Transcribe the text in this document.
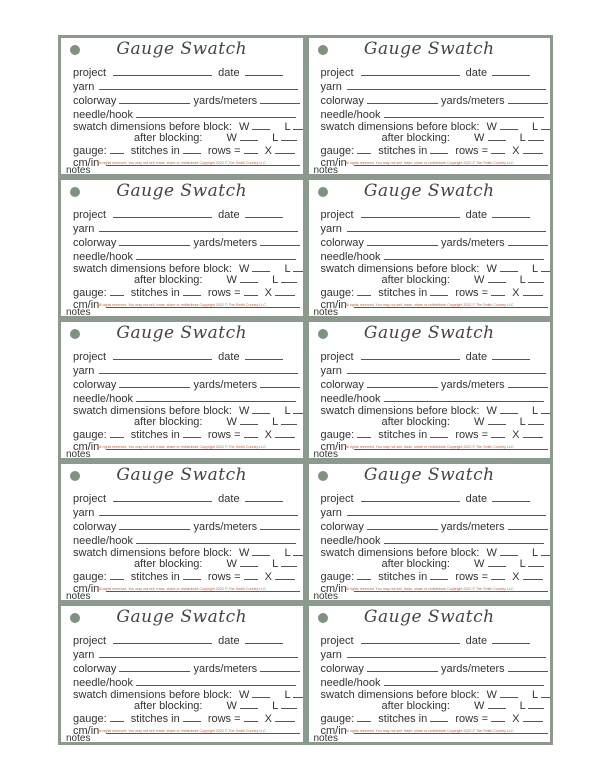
Gauge Swatch
project	date
yarn
colorway	yards/meters
needle/hook
swatch dimensions before block: W	L
after blocking: W	L
gauge: stitches in	rows = X
cm/in
All rights reserved. You may not sell, trade, share or redistribute Copyright 2022 © The Smith Country LLC
notes
Gauge Swatch
project	date
yarn
colorway	yards/meters
needle/hook
swatch dimensions before block: W	L
after blocking: W	L
gauge: stitches in	rows = X
cm/in
All rights reserved. You may not sell, trade, share or redistribute Copyright 2022 © The Smith Country LLC
notes
Gauge Swatch
project	date
yarn
colorway	yards/meters
needle/hook
swatch dimensions before block: W	L
after blocking: W	L
gauge: stitches in	rows = X
cm/in
All rights reserved. You may not sell, trade, share or redistribute Copyright 2022 © The Smith Country LLC
notes
Gauge Swatch
project	date
yarn
colorway	yards/meters
needle/hook
swatch dimensions before block: W	L
after blocking: W	L
gauge: stitches in	rows = X
cm/in
All rights reserved. You may not sell, trade, share or redistribute Copyright 2022 © The Smith Country LLC
notes
Gauge Swatch
project	date
yarn
colorway	yards/meters
needle/hook
swatch dimensions before block: W	L
after blocking: W	L
gauge: stitches in	rows = X
cm/in
All rights reserved. You may not sell, trade, share or redistribute Copyright 2022 © The Smith Country LLC
notes
Gauge Swatch
project	date
yarn
colorway	yards/meters
needle/hook
swatch dimensions before block: W	L
after blocking: W	L
gauge: stitches in	rows = X
cm/in
All rights reserved. You may not sell, trade, share or redistribute Copyright 2022 © The Smith Country LLC
notes
Gauge Swatch
project	date
yarn
colorway	yards/meters
needle/hook
swatch dimensions before block: W	L
after blocking: W	L
gauge: stitches in	rows = X
cm/in
All rights reserved. You may not sell, trade, share or redistribute Copyright 2022 © The Smith Country LLC
notes
Gauge Swatch
project	date
yarn
colorway	yards/meters
needle/hook
swatch dimensions before block: W	L
after blocking: W	L
gauge: stitches in	rows = X
cm/in
All rights reserved. You may not sell, trade, share or redistribute Copyright 2022 © The Smith Country LLC
notes
Gauge Swatch
project	date
yarn
colorway	yards/meters
needle/hook
swatch dimensions before block: W	L
after blocking: W	L
gauge: stitches in	rows = X
cm/in
All rights reserved. You may not sell, trade, share or redistribute Copyright 2022 © The Smith Country LLC
notes
Gauge Swatch
project	date
yarn
colorway	yards/meters
needle/hook
swatch dimensions before block: W	L
after blocking: W	L
gauge: stitches in	rows = X
cm/in
All rights reserved. You may not sell, trade, share or redistribute Copyright 2022 © The Smith Country LLC
notes
